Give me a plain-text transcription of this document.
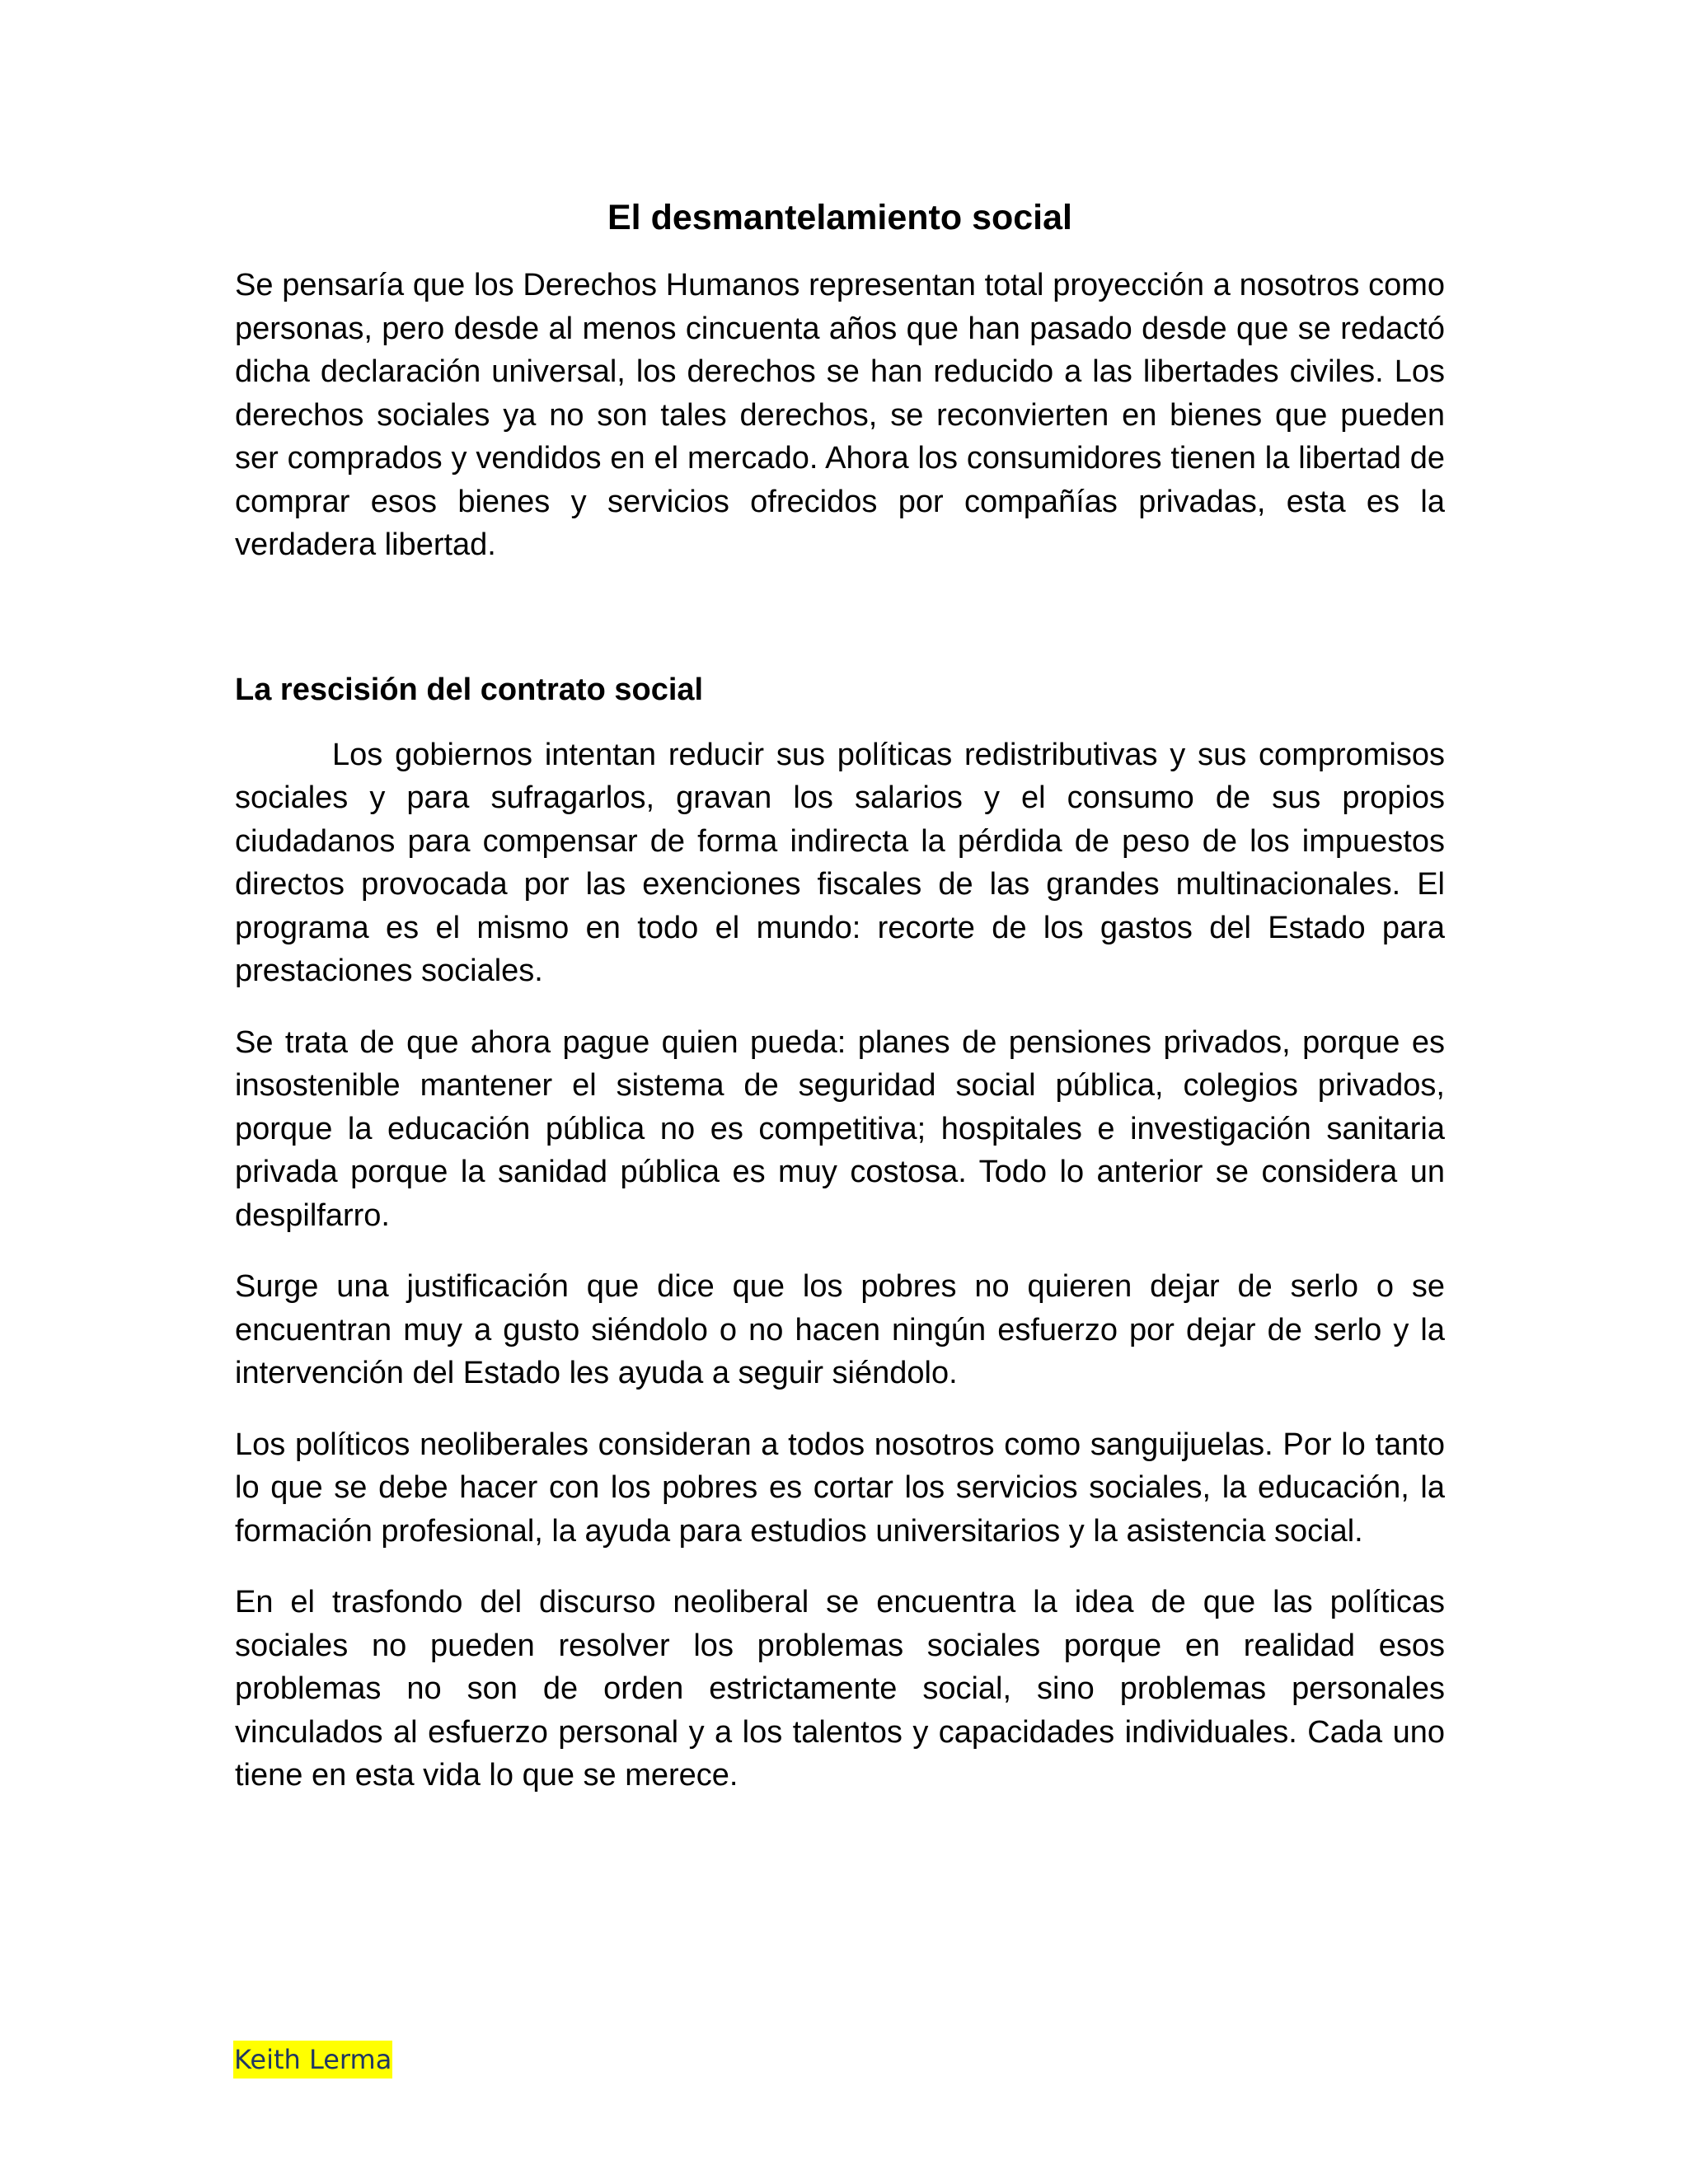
El desmantelamiento social

Se pensaría que los Derechos Humanos representan total proyección a nosotros como personas, pero desde al menos cincuenta años que han pasado desde que se redactó dicha declaración universal, los derechos se han reducido a las libertades civiles. Los derechos sociales ya no son tales derechos, se reconvierten en bienes que pueden ser comprados y vendidos en el mercado. Ahora los consumidores tienen la libertad de comprar esos bienes y servicios ofrecidos por compañías privadas, esta es la verdadera libertad.

La rescisión del contrato social

Los gobiernos intentan reducir sus políticas redistributivas y sus compromisos sociales y para sufragarlos, gravan los salarios y el consumo de sus propios ciudadanos para compensar de forma indirecta la pérdida de peso de los impuestos directos provocada por las exenciones fiscales de las grandes multinacionales. El programa es el mismo en todo el mundo: recorte de los gastos del Estado para prestaciones sociales.

Se trata de que ahora pague quien pueda: planes de pensiones privados, porque es insostenible mantener el sistema de seguridad social pública, colegios privados, porque la educación pública no es competitiva; hospitales e investigación sanitaria privada porque la sanidad pública es muy costosa. Todo lo anterior se considera un despilfarro.

Surge una justificación que dice que los pobres no quieren dejar de serlo o se encuentran muy a gusto siéndolo o no hacen ningún esfuerzo por dejar de serlo y la intervención del Estado les ayuda a seguir siéndolo.

Los políticos neoliberales consideran a todos nosotros como sanguijuelas. Por lo tanto lo que se debe hacer con los pobres es cortar los servicios sociales, la educación, la formación profesional, la ayuda para estudios universitarios y la asistencia social.

En el trasfondo del discurso neoliberal se encuentra la idea de que las políticas sociales no pueden resolver los problemas sociales porque en realidad esos problemas no son de orden estrictamente social, sino problemas personales vinculados al esfuerzo personal y a los talentos y capacidades individuales. Cada uno tiene en esta vida lo que se merece.

Keith Lerma
